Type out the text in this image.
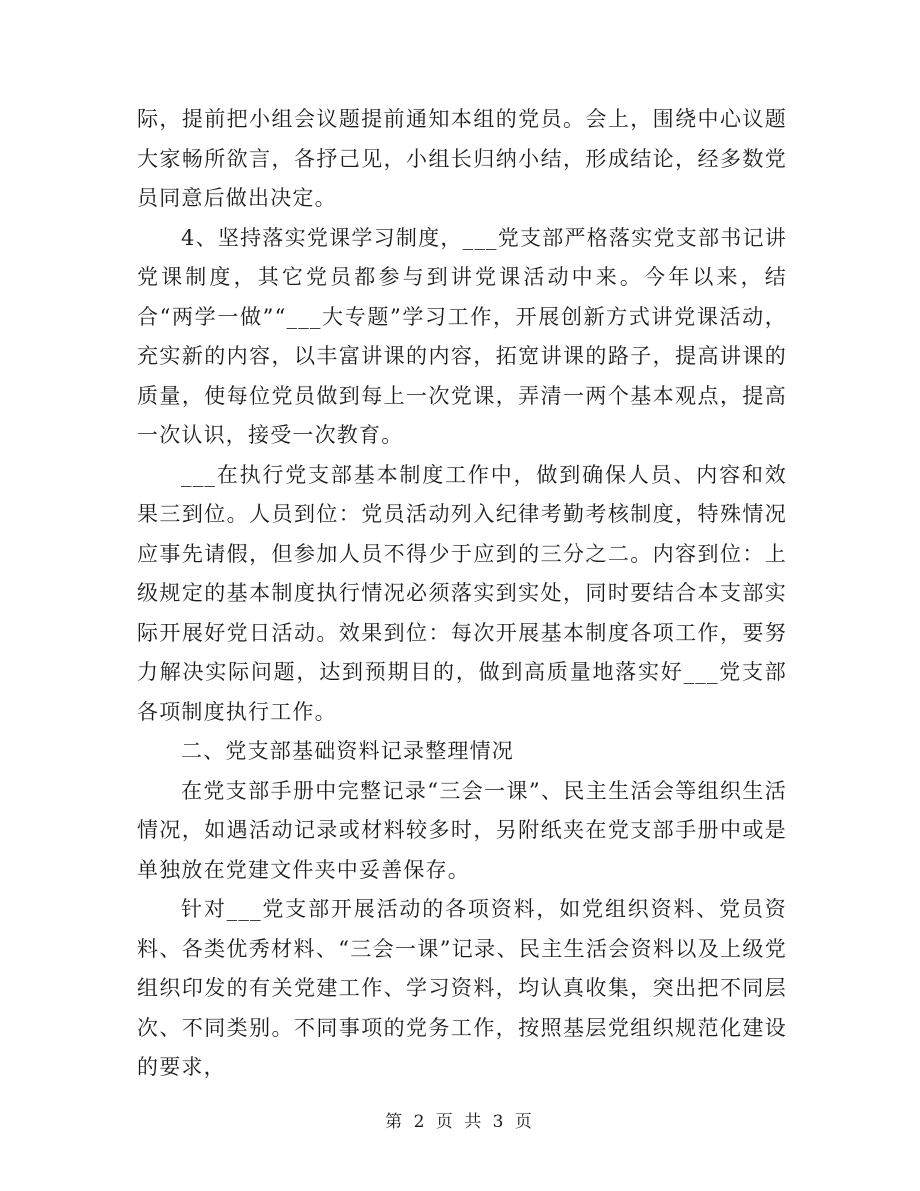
际，提前把小组会议题提前通知本组的党员。会上，围绕中心议题大家畅所欲言，各抒己见，小组长归纳小结，形成结论，经多数党员同意后做出决定。

4、坚持落实党课学习制度，___党支部严格落实党支部书记讲党课制度，其它党员都参与到讲党课活动中来。今年以来，结合“两学一做”“___大专题”学习工作，开展创新方式讲党课活动，充实新的内容，以丰富讲课的内容，拓宽讲课的路子，提高讲课的质量，使每位党员做到每上一次党课，弄清一两个基本观点，提高一次认识，接受一次教育。

___在执行党支部基本制度工作中，做到确保人员、内容和效果三到位。人员到位：党员活动列入纪律考勤考核制度，特殊情况应事先请假，但参加人员不得少于应到的三分之二。内容到位：上级规定的基本制度执行情况必须落实到实处，同时要结合本支部实际开展好党日活动。效果到位：每次开展基本制度各项工作，要努力解决实际问题，达到预期目的，做到高质量地落实好___党支部各项制度执行工作。

二、党支部基础资料记录整理情况

在党支部手册中完整记录“三会一课”、民主生活会等组织生活情况，如遇活动记录或材料较多时，另附纸夹在党支部手册中或是单独放在党建文件夹中妥善保存。

针对___党支部开展活动的各项资料，如党组织资料、党员资料、各类优秀材料、“三会一课”记录、民主生活会资料以及上级党组织印发的有关党建工作、学习资料，均认真收集，突出把不同层次、不同类别。不同事项的党务工作，按照基层党组织规范化建设的要求，

第 2 页 共 3 页
